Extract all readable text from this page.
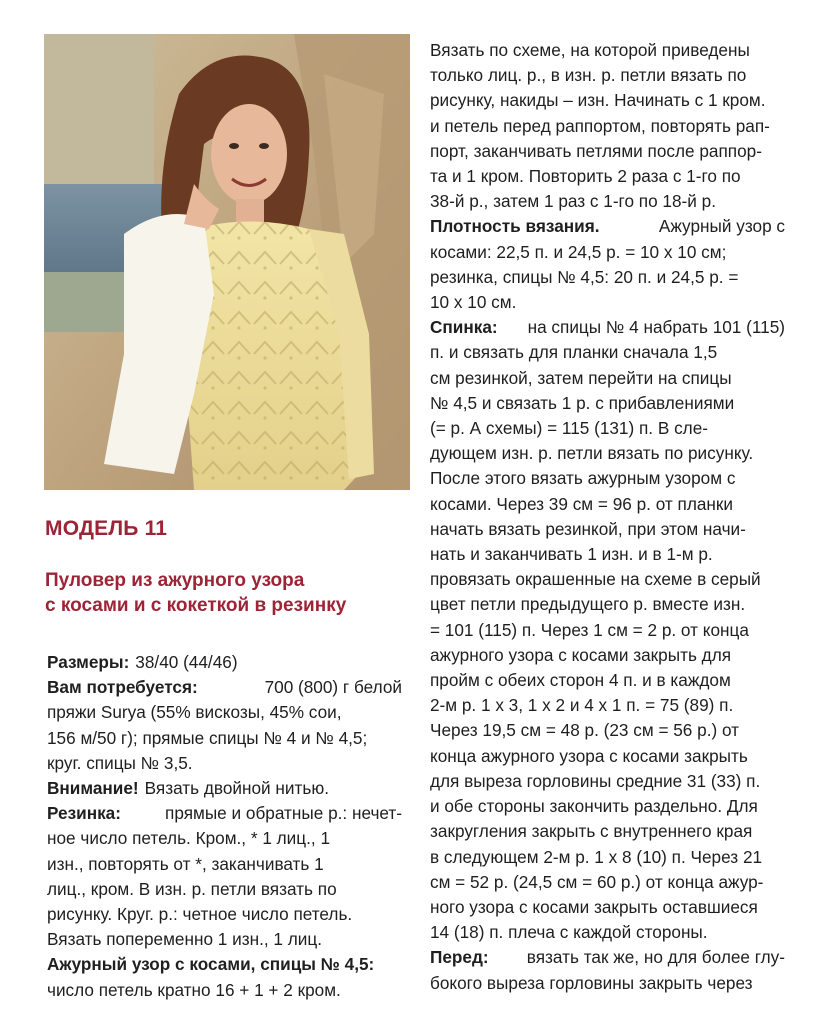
МОДЕЛЬ 11
Пуловер из ажурного узора
с косами и с кокеткой в резинку
Размеры: 38/40 (44/46)
Вам потребуется:	700 (800) г белой
пряжи Surya (55% вискозы, 45% сои,
156 м/50 г); прямые спицы № 4 и № 4,5;
круг. спицы № 3,5.
Внимание! Вязать двойной нитью.
Резинка:	прямые и обратные р.: нечет-
ное число петель. Кром., * 1 лиц., 1
изн., повторять от *, заканчивать 1
лиц., кром. В изн. р. петли вязать по
рисунку. Круг. р.: четное число петель.
Вязать попеременно 1 изн., 1 лиц.
Ажурный узор с косами, спицы № 4,5:
число петель кратно 16 + 1 + 2 кром.
Вязать по схеме, на которой приведены
только лиц. р., в изн. р. петли вязать по
рисунку, накиды – изн. Начинать с 1 кром.
и петель перед раппортом, повторять рап-
порт, заканчивать петлями после раппор-
та и 1 кром. Повторить 2 раза с 1-го по
38-й р., затем 1 раз с 1-го по 18-й р.
Плотность вязания.	Ажурный узор с
косами: 22,5 п. и 24,5 р. = 10 х 10 см;
резинка, спицы № 4,5: 20 п. и 24,5 р. =
10 х 10 см.
Спинка: на спицы № 4 набрать 101 (115)
п. и связать для планки сначала 1,5
см резинкой, затем перейти на спицы
№ 4,5 и связать 1 р. с прибавлениями
(= р. А схемы) = 115 (131) п. В сле-
дующем изн. р. петли вязать по рисунку.
После этого вязать ажурным узором с
косами. Через 39 см = 96 р. от планки
начать вязать резинкой, при этом начи-
нать и заканчивать 1 изн. и в 1-м р.
провязать окрашенные на схеме в серый
цвет петли предыдущего р. вместе изн.
= 101 (115) п. Через 1 см = 2 р. от конца
ажурного узора с косами закрыть для
пройм с обеих сторон 4 п. и в каждом
2-м р. 1 х 3, 1 х 2 и 4 х 1 п. = 75 (89) п.
Через 19,5 см = 48 р. (23 см = 56 р.) от
конца ажурного узора с косами закрыть
для выреза горловины средние 31 (33) п.
и обе стороны закончить раздельно. Для
закругления закрыть с внутреннего края
в следующем 2-м р. 1 х 8 (10) п. Через 21
см = 52 р. (24,5 см = 60 р.) от конца ажур-
ного узора с косами закрыть оставшиеся
14 (18) п. плеча с каждой стороны.
Перед: вязать так же, но для более глу-
бокого выреза горловины закрыть через
